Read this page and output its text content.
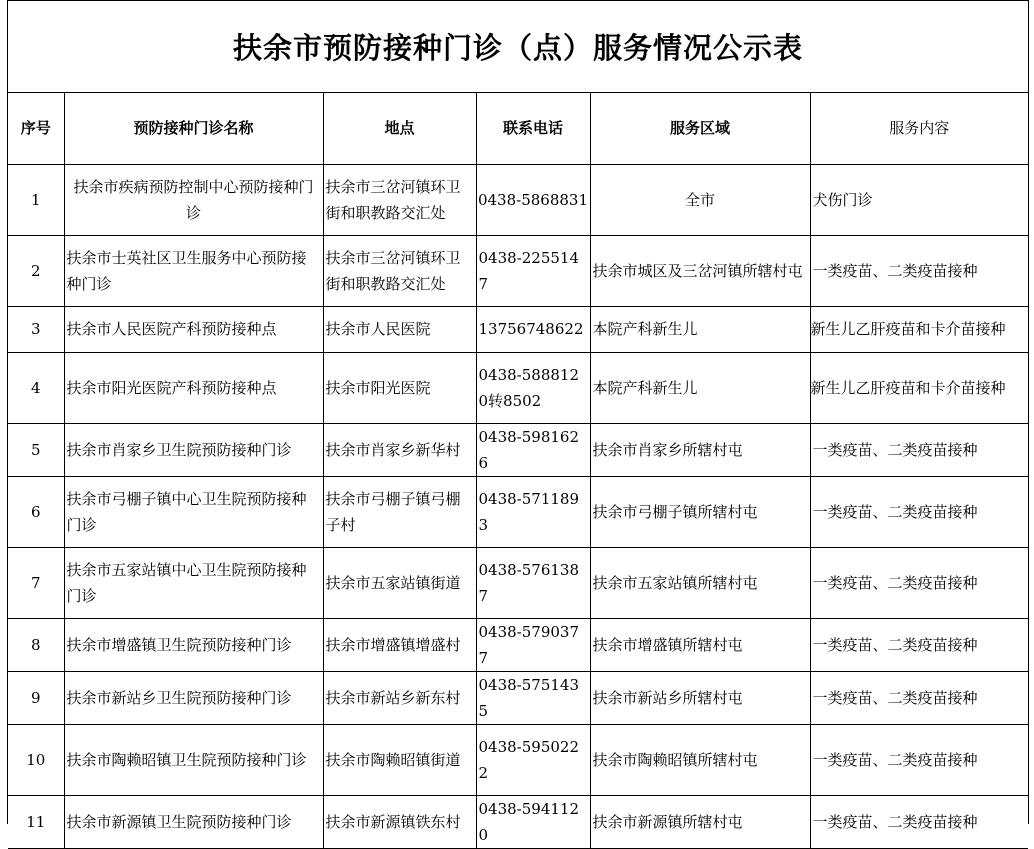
扶余市预防接种门诊（点）服务情况公示表
序号	预防接种门诊名称	地点	联系电话	服务区域	服务内容
1	扶余市疾病预防控制中心预防接种门诊	扶余市三岔河镇环卫街和职教路交汇处	0438-5868831	全市	犬伤门诊
2	扶余市士英社区卫生服务中心预防接种门诊	扶余市三岔河镇环卫街和职教路交汇处	0438-2255147	扶余市城区及三岔河镇所辖村屯	一类疫苗、二类疫苗接种
3	扶余市人民医院产科预防接种点	扶余市人民医院	13756748622	本院产科新生儿	新生儿乙肝疫苗和卡介苗接种
4	扶余市阳光医院产科预防接种点	扶余市阳光医院	0438-5888120转8502	本院产科新生儿	新生儿乙肝疫苗和卡介苗接种
5	扶余市肖家乡卫生院预防接种门诊	扶余市肖家乡新华村	0438-5981626	扶余市肖家乡所辖村屯	一类疫苗、二类疫苗接种
6	扶余市弓棚子镇中心卫生院预防接种门诊	扶余市弓棚子镇弓棚子村	0438-5711893	扶余市弓棚子镇所辖村屯	一类疫苗、二类疫苗接种
7	扶余市五家站镇中心卫生院预防接种门诊	扶余市五家站镇街道	0438-5761387	扶余市五家站镇所辖村屯	一类疫苗、二类疫苗接种
8	扶余市增盛镇卫生院预防接种门诊	扶余市增盛镇增盛村	0438-5790377	扶余市增盛镇所辖村屯	一类疫苗、二类疫苗接种
9	扶余市新站乡卫生院预防接种门诊	扶余市新站乡新东村	0438-5751435	扶余市新站乡所辖村屯	一类疫苗、二类疫苗接种
10	扶余市陶赖昭镇卫生院预防接种门诊	扶余市陶赖昭镇街道	0438-5950222	扶余市陶赖昭镇所辖村屯	一类疫苗、二类疫苗接种
11	扶余市新源镇卫生院预防接种门诊	扶余市新源镇铁东村	0438-5941120	扶余市新源镇所辖村屯	一类疫苗、二类疫苗接种
